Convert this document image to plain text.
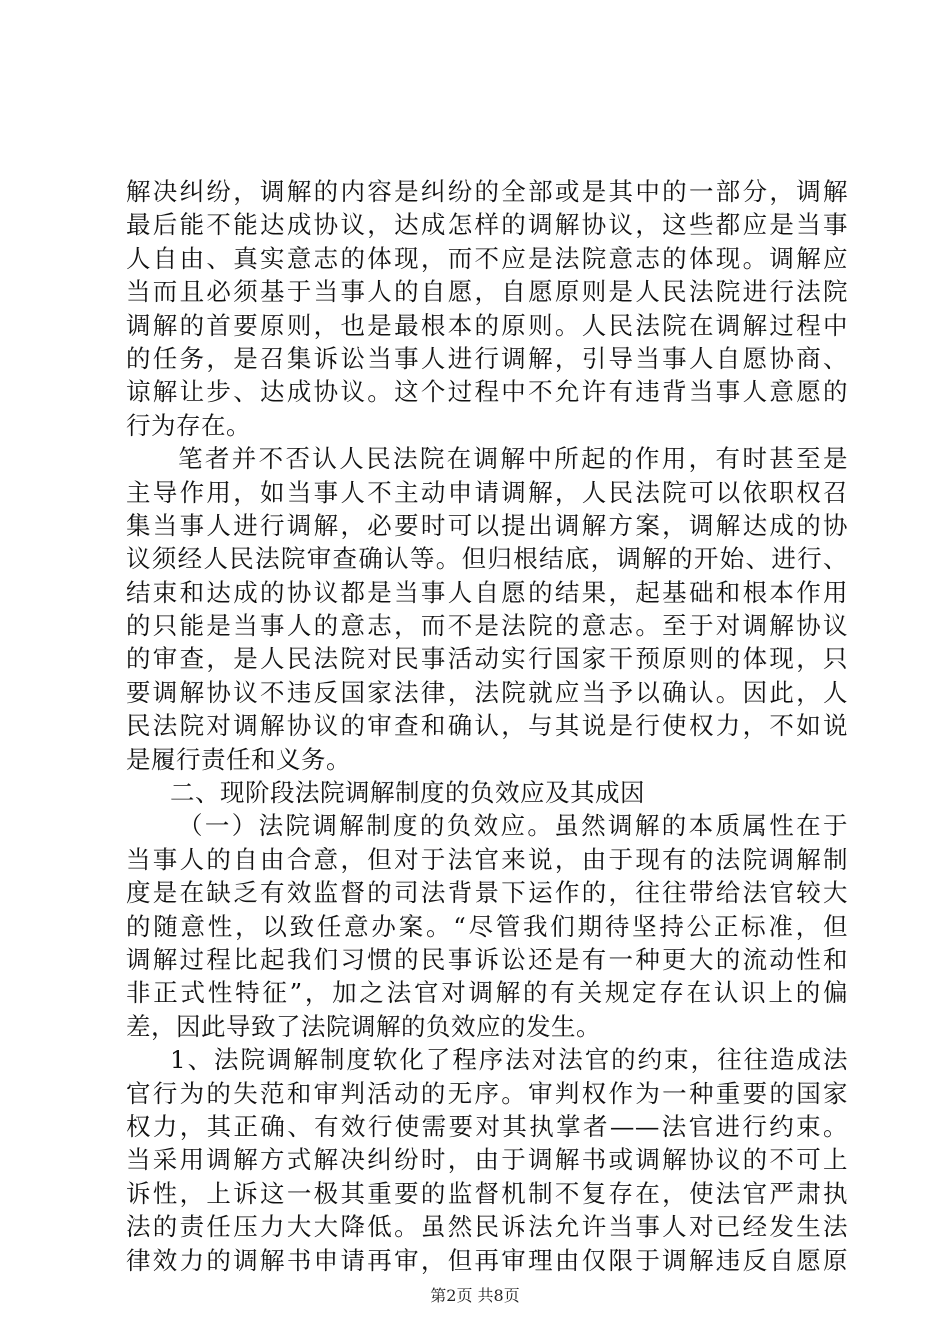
解决纠纷，调解的内容是纠纷的全部或是其中的一部分，调解
最后能不能达成协议，达成怎样的调解协议，这些都应是当事
人自由、真实意志的体现，而不应是法院意志的体现。调解应
当而且必须基于当事人的自愿，自愿原则是人民法院进行法院
调解的首要原则，也是最根本的原则。人民法院在调解过程中
的任务，是召集诉讼当事人进行调解，引导当事人自愿协商、
谅解让步、达成协议。这个过程中不允许有违背当事人意愿的
行为存在。
笔者并不否认人民法院在调解中所起的作用，有时甚至是
主导作用，如当事人不主动申请调解，人民法院可以依职权召
集当事人进行调解，必要时可以提出调解方案，调解达成的协
议须经人民法院审查确认等。但归根结底，调解的开始、进行、
结束和达成的协议都是当事人自愿的结果，起基础和根本作用
的只能是当事人的意志，而不是法院的意志。至于对调解协议
的审查，是人民法院对民事活动实行国家干预原则的体现，只
要调解协议不违反国家法律，法院就应当予以确认。因此，人
民法院对调解协议的审查和确认，与其说是行使权力，不如说
是履行责任和义务。
二、现阶段法院调解制度的负效应及其成因
（一）法院调解制度的负效应。虽然调解的本质属性在于
当事人的自由合意，但对于法官来说，由于现有的法院调解制
度是在缺乏有效监督的司法背景下运作的，往往带给法官较大
的随意性，以致任意办案。“尽管我们期待坚持公正标准，但
调解过程比起我们习惯的民事诉讼还是有一种更大的流动性和
非正式性特征”，加之法官对调解的有关规定存在认识上的偏
差，因此导致了法院调解的负效应的发生。
1、法院调解制度软化了程序法对法官的约束，往往造成法
官行为的失范和审判活动的无序。审判权作为一种重要的国家
权力，其正确、有效行使需要对其执掌者——法官进行约束。
当采用调解方式解决纠纷时，由于调解书或调解协议的不可上
诉性，上诉这一极其重要的监督机制不复存在，使法官严肃执
法的责任压力大大降低。虽然民诉法允许当事人对已经发生法
律效力的调解书申请再审，但再审理由仅限于调解违反自愿原
第2页 共8页
